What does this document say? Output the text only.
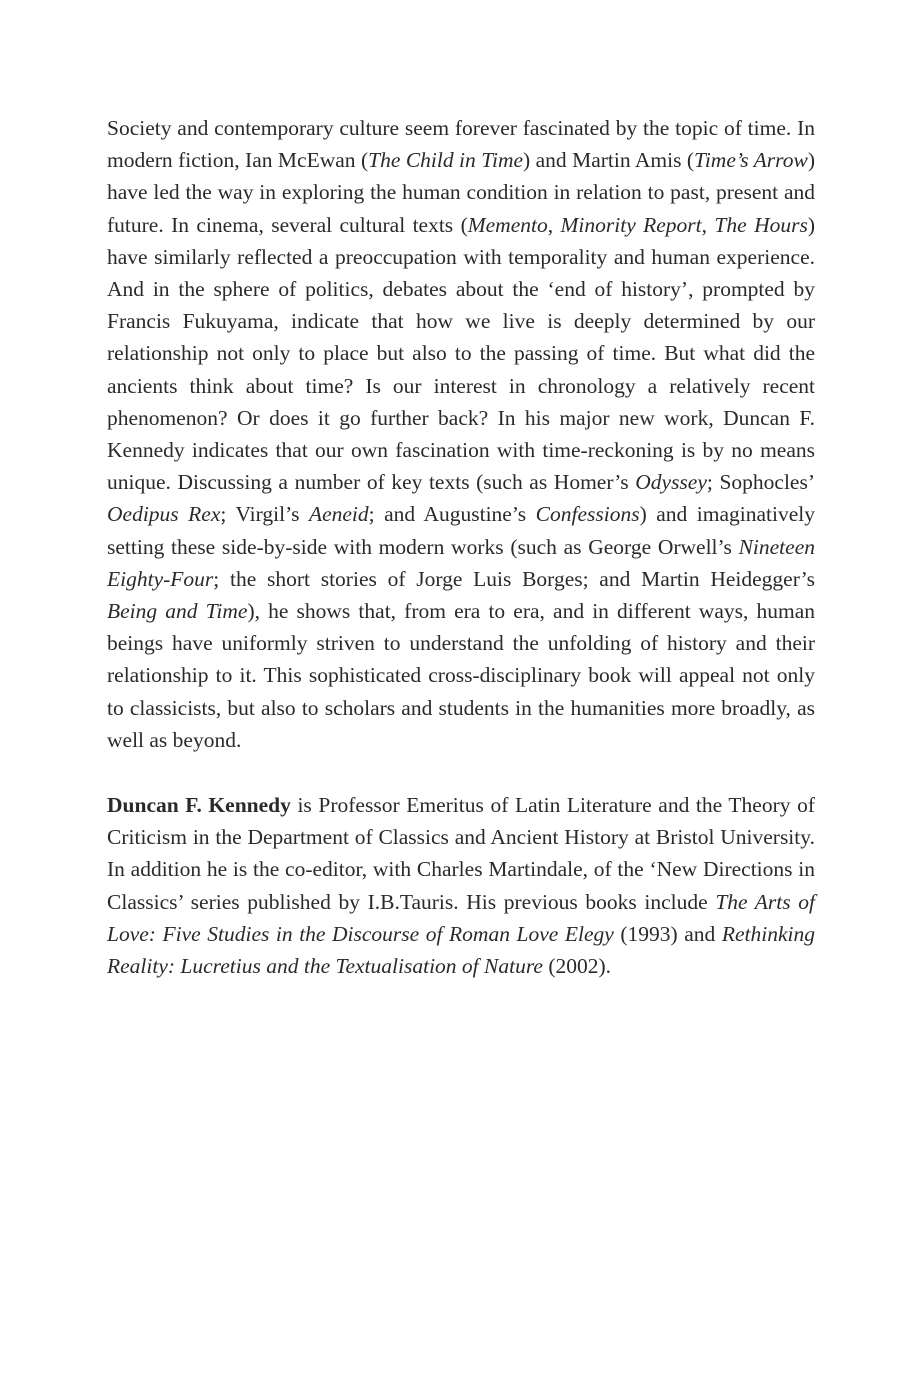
Society and contemporary culture seem forever fascinated by the topic of time. In modern fiction, Ian McEwan (The Child in Time) and Martin Amis (Time’s Arrow) have led the way in exploring the human condition in relation to past, present and future. In cinema, several cultural texts (Memento, Minority Report, The Hours) have similarly reflected a preoccupation with temporality and human experience. And in the sphere of politics, debates about the ‘end of history’, prompted by Francis Fukuyama, indicate that how we live is deeply determined by our relationship not only to place but also to the passing of time. But what did the ancients think about time? Is our interest in chronology a relatively recent phenomenon? Or does it go further back? In his major new work, Duncan F. Kennedy indicates that our own fascination with time-reckoning is by no means unique. Discussing a number of key texts (such as Homer’s Odyssey; Sophocles’ Oedipus Rex; Virgil’s Aeneid; and Augustine’s Confessions) and imaginatively setting these side-by-side with modern works (such as George Orwell’s Nineteen Eighty-Four; the short stories of Jorge Luis Borges; and Martin Heidegger’s Being and Time), he shows that, from era to era, and in different ways, human beings have uniformly striven to understand the unfolding of history and their relationship to it. This sophisticated cross-disciplinary book will appeal not only to classicists, but also to scholars and students in the humanities more broadly, as well as beyond.

Duncan F. Kennedy is Professor Emeritus of Latin Literature and the Theory of Criticism in the Department of Classics and Ancient History at Bristol University. In addition he is the co-editor, with Charles Martindale, of the ‘New Directions in Classics’ series published by I.B.Tauris. His previous books include The Arts of Love: Five Studies in the Discourse of Roman Love Elegy (1993) and Rethinking Reality: Lucretius and the Textualisation of Nature (2002).
